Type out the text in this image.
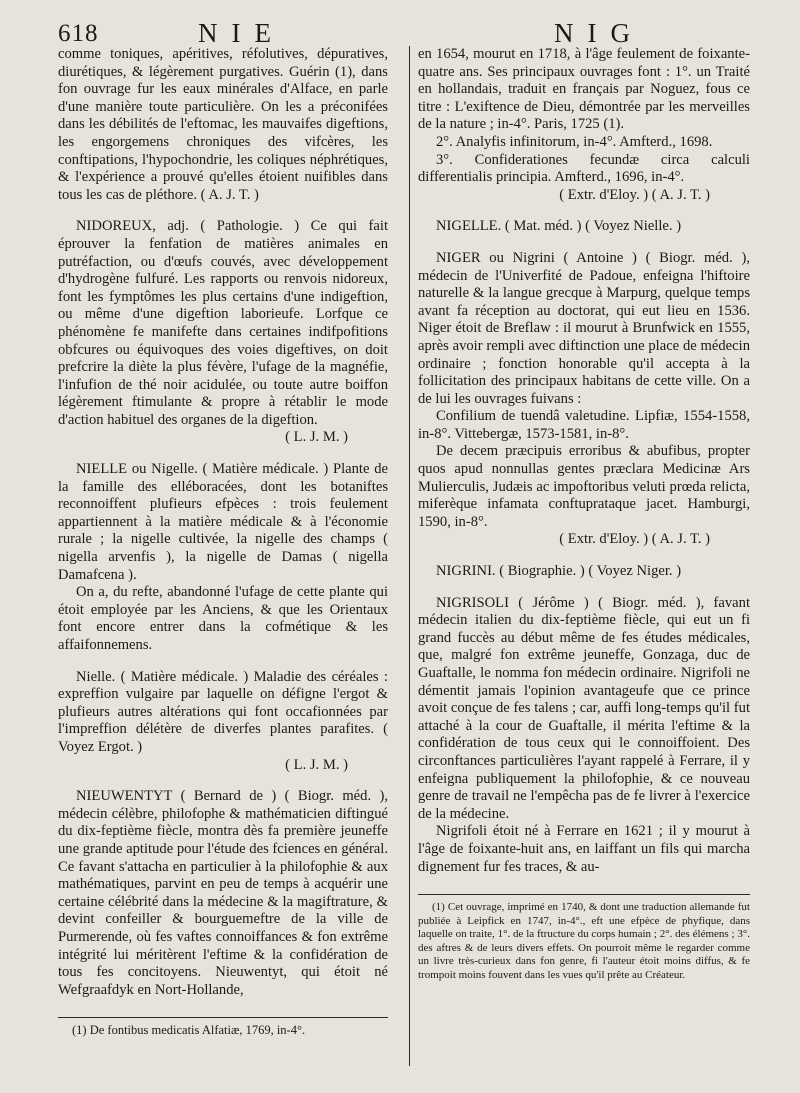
618	NIE	NIG

comme toniques, apéritives, réfolutives, dépuratives, diurétiques, & légèrement purgatives. Guérin (1), dans fon ouvrage fur les eaux minérales d'Alface, en parle d'une manière toute particulière. On les a préconifées dans les débilités de l'eftomac, les mauvaifes digeftions, les engorgemens chroniques des vifcères, les conftipations, l'hypochondrie, les coliques néphrétiques, & l'expérience a prouvé qu'elles étoient nuifibles dans tous les cas de pléthore. ( A. J. T. )

NIDOREUX, adj. ( Pathologie. ) Ce qui fait éprouver la fenfation de matières animales en putréfaction, ou d'œufs couvés, avec développement d'hydrogène fulfuré. Les rapports ou renvois nidoreux, font les fymptômes les plus certains d'une indigeftion, ou même d'une digeftion laborieufe. Lorfque ce phénomène fe manifefte dans certaines indifpofitions obfcures ou équivoques des voies digeftives, on doit prefcrire la diète la plus févère, l'ufage de la magnéfie, l'infufion de thé noir acidulée, ou toute autre boiffon légèrement ftimulante & propre à rétablir le mode d'action habituel des organes de la digeftion.

( L. J. M. )

NIELLE ou Nigelle. ( Matière médicale. ) Plante de la famille des elléboracées, dont les botaniftes reconnoiffent plufieurs efpèces : trois feulement appartiennent à la matière médicale & à l'économie rurale ; la nigelle cultivée, la nigelle des champs ( nigella arvenfis ), la nigelle de Damas ( nigella Damafcena ).

On a, du refte, abandonné l'ufage de cette plante qui étoit employée par les Anciens, & que les Orientaux font encore entrer dans la cofmétique & les affaifonnemens.

Nielle. ( Matière médicale. ) Maladie des céréales : expreffion vulgaire par laquelle on défigne l'ergot & plufieurs autres altérations qui font occafionnées par l'impreffion délétère de diverfes plantes parafites. ( Voyez Ergot. )

( L. J. M. )

NIEUWENTYT ( Bernard de ) ( Biogr. méd. ), médecin célèbre, philofophe & mathématicien diftingué du dix-feptième fiècle, montra dès fa première jeuneffe une grande aptitude pour l'étude des fciences en général. Ce favant s'attacha en particulier à la philofophie & aux mathématiques, parvint en peu de temps à acquérir une certaine célébrité dans la médecine & la magiftrature, & devint confeiller & bourguemeftre de la ville de Purmerende, où fes vaftes connoiffances & fon extrême intégrité lui méritèrent l'eftime & la confidération de tous fes concitoyens. Nieuwentyt, qui étoit né Wefgraafdyk en Nort-Hollande,

(1) De fontibus medicatis Alfatiæ, 1769, in-4°.

en 1654, mourut en 1718, à l'âge feulement de foixante-quatre ans. Ses principaux ouvrages font : 1°. un Traité en hollandais, traduit en français par Noguez, fous ce titre : L'exiftence de Dieu, démontrée par les merveilles de la nature ; in-4°. Paris, 1725 (1).

2°. Analyfis infinitorum, in-4°. Amfterd., 1698.

3°. Confiderationes fecundæ circa calculi differentialis principia. Amfterd., 1696, in-4°.

( Extr. d'Eloy. ) ( A. J. T. )

NIGELLE. ( Mat. méd. ) ( Voyez Nielle. )

NIGER ou Nigrini ( Antoine ) ( Biogr. méd. ), médecin de l'Univerfité de Padoue, enfeigna l'hiftoire naturelle & la langue grecque à Marpurg, quelque temps avant fa réception au doctorat, qui eut lieu en 1536. Niger étoit de Breflaw : il mourut à Brunfwick en 1555, après avoir rempli avec diftinction une place de médecin ordinaire ; fonction honorable qu'il accepta à la follicitation des principaux habitans de cette ville. On a de lui les ouvrages fuivans :

Confilium de tuendâ valetudine. Lipfiæ, 1554-1558, in-8°. Vittebergæ, 1573-1581, in-8°.

De decem præcipuis erroribus & abufibus, propter quos apud nonnullas gentes præclara Medicinæ Ars Mulierculis, Judæis ac impoftoribus veluti prœda relicta, miferèque infamata conftuprataque jacet. Hamburgi, 1590, in-8°.

( Extr. d'Eloy. ) ( A. J. T. )

NIGRINI. ( Biographie. ) ( Voyez Niger. )

NIGRISOLI ( Jérôme ) ( Biogr. méd. ), favant médecin italien du dix-feptième fiècle, qui eut un fi grand fuccès au début même de fes études médicales, que, malgré fon extrême jeuneffe, Gonzaga, duc de Guaftalle, le nomma fon médecin ordinaire. Nigrifoli ne démentit jamais l'opinion avantageufe que ce prince avoit conçue de fes talens ; car, auffi long-temps qu'il fut attaché à la cour de Guaftalle, il mérita l'eftime & la confidération de tous ceux qui le connoiffoient. Des circonftances particulières l'ayant rappelé à Ferrare, il y enfeigna publiquement la philofophie, & ce nouveau genre de travail ne l'empêcha pas de fe livrer à l'exercice de la médecine.

Nigrifoli étoit né à Ferrare en 1621 ; il y mourut à l'âge de foixante-huit ans, en laiffant un fils qui marcha dignement fur fes traces, & au-

(1) Cet ouvrage, imprimé en 1740, & dont une traduction allemande fut publiée à Leipfick en 1747, in-4°., eft une efpèce de phyfique, dans laquelle on traite, 1°. de la ftructure du corps humain ; 2°. des élémens ; 3°. des aftres & de leurs divers effets. On pourroit même le regarder comme un livre très-curieux dans fon genre, fi l'auteur étoit moins diffus, & fe trompoit moins fouvent dans les vues qu'il prête au Créateur.
